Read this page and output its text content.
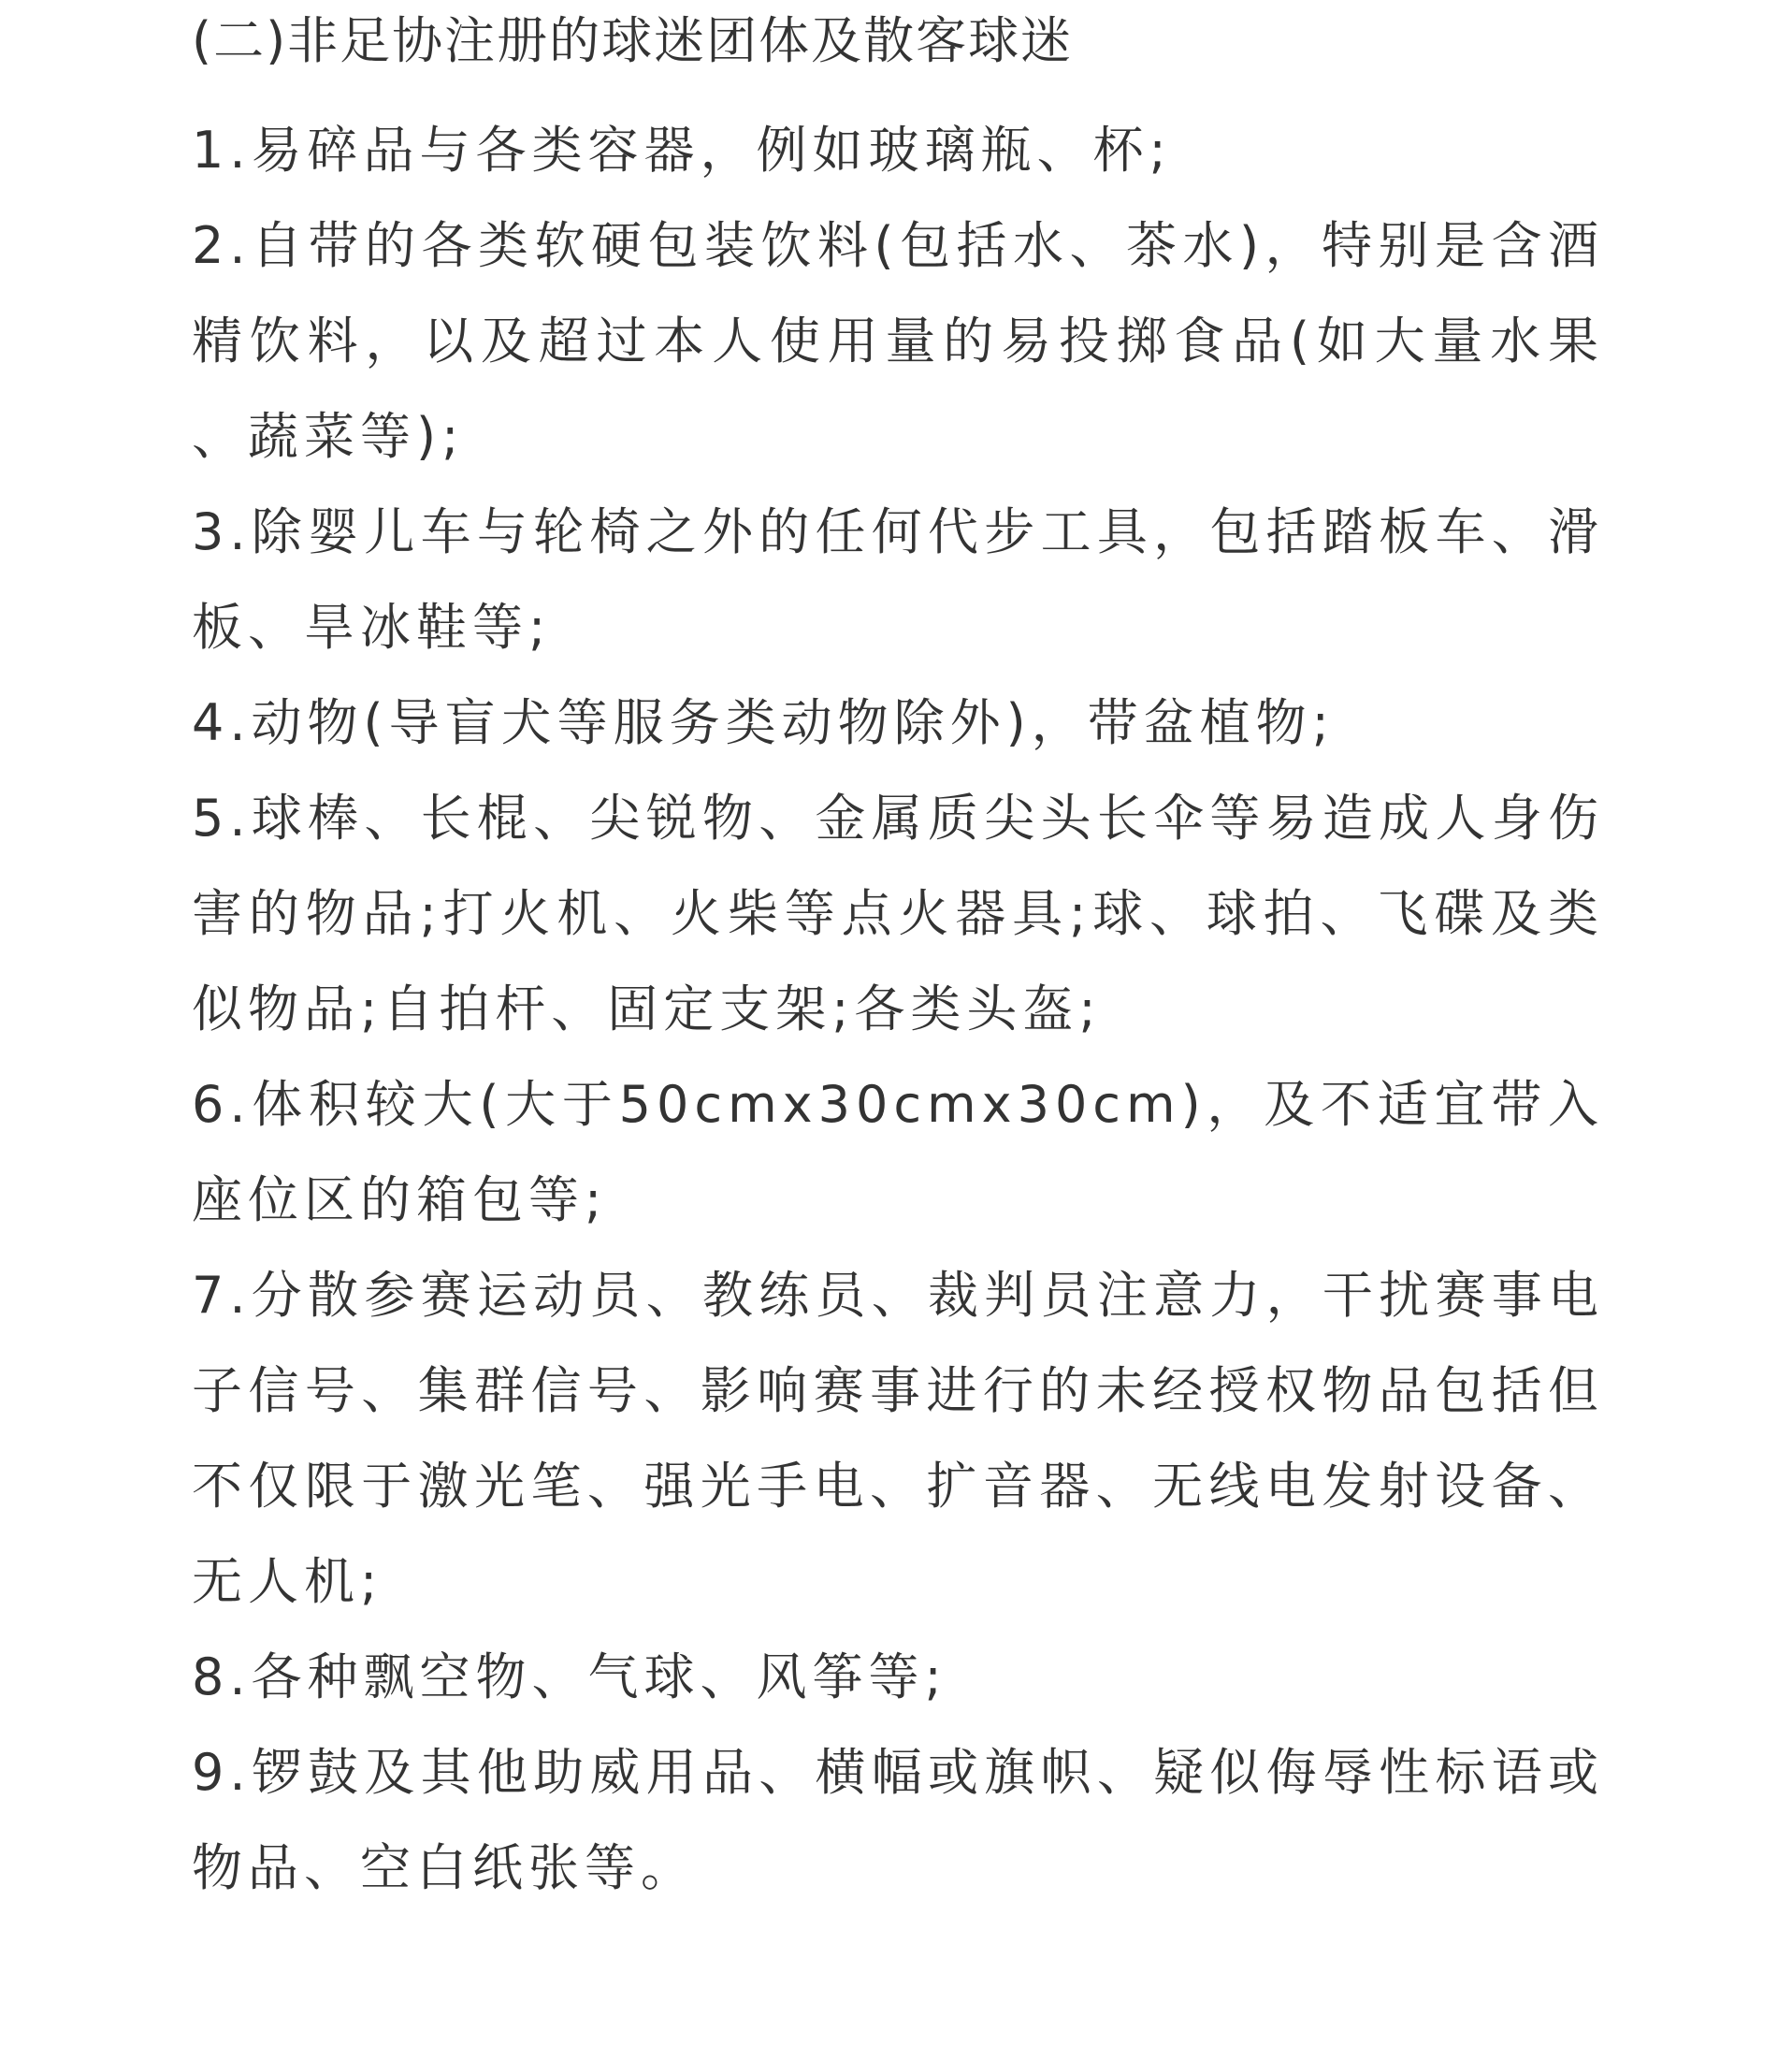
(二)非足协注册的球迷团体及散客球迷

1.易碎品与各类容器，例如玻璃瓶、杯;

2.自带的各类软硬包装饮料(包括水、茶水)，特别是含酒精饮料，以及超过本人使用量的易投掷食品(如大量水果、蔬菜等);

3.除婴儿车与轮椅之外的任何代步工具，包括踏板车、滑板、旱冰鞋等;

4.动物(导盲犬等服务类动物除外)，带盆植物;

5.球棒、长棍、尖锐物、金属质尖头长伞等易造成人身伤害的物品;打火机、火柴等点火器具;球、球拍、飞碟及类似物品;自拍杆、固定支架;各类头盔;

6.体积较大(大于50cmx30cmx30cm)，及不适宜带入座位区的箱包等;

7.分散参赛运动员、教练员、裁判员注意力，干扰赛事电子信号、集群信号、影响赛事进行的未经授权物品包括但不仅限于激光笔、强光手电、扩音器、无线电发射设备、无人机;

8.各种飘空物、气球、风筝等;

9.锣鼓及其他助威用品、横幅或旗帜、疑似侮辱性标语或物品、空白纸张等。
